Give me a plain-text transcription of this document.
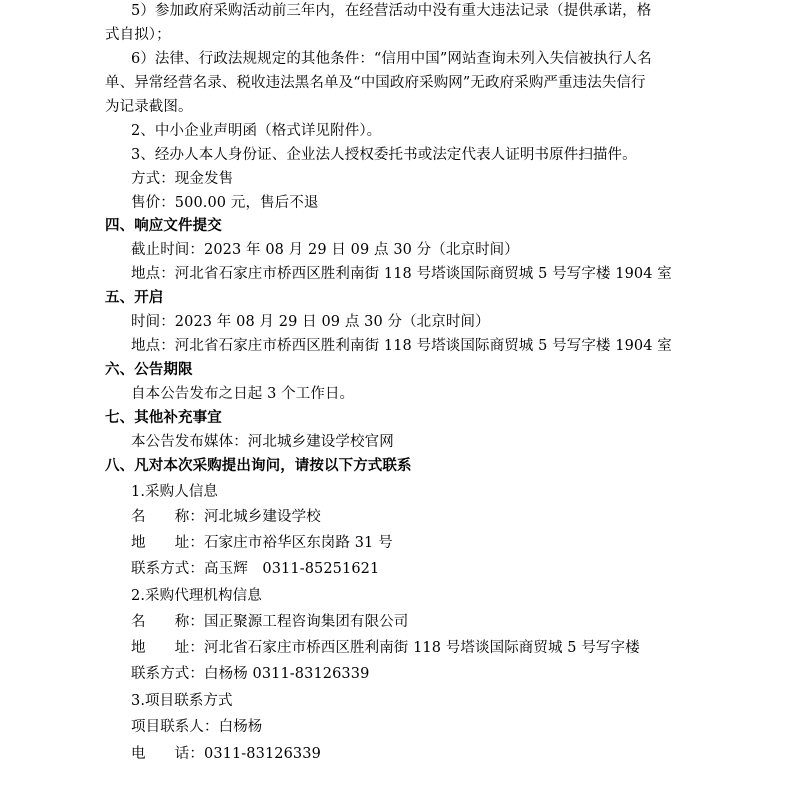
5）参加政府采购活动前三年内，在经营活动中没有重大违法记录（提供承诺，格
式自拟）；
6）法律、行政法规规定的其他条件：“信用中国”网站查询未列入失信被执行人名
单、异常经营名录、税收违法黑名单及“中国政府采购网”无政府采购严重违法失信行
为记录截图。
2、中小企业声明函（格式详见附件）。
3、经办人本人身份证、企业法人授权委托书或法定代表人证明书原件扫描件。
方式：现金发售
售价：500.00 元，售后不退
四、响应文件提交
截止时间：2023 年 08 月 29 日 09 点 30 分（北京时间）
地点：河北省石家庄市桥西区胜利南街 118 号塔谈国际商贸城 5 号写字楼 1904 室
五、开启
时间：2023 年 08 月 29 日 09 点 30 分（北京时间）
地点：河北省石家庄市桥西区胜利南街 118 号塔谈国际商贸城 5 号写字楼 1904 室
六、公告期限
自本公告发布之日起 3 个工作日。
七、其他补充事宜
本公告发布媒体：河北城乡建设学校官网
八、凡对本次采购提出询问，请按以下方式联系
1.采购人信息
名　　称：河北城乡建设学校
地　　址：石家庄市裕华区东岗路 31 号
联系方式：高玉辉　0311-85251621
2.采购代理机构信息
名　　称：国正聚源工程咨询集团有限公司
地　　址：河北省石家庄市桥西区胜利南街 118 号塔谈国际商贸城 5 号写字楼
联系方式：白杨杨 0311-83126339
3.项目联系方式
项目联系人：白杨杨
电　　话：0311-83126339
